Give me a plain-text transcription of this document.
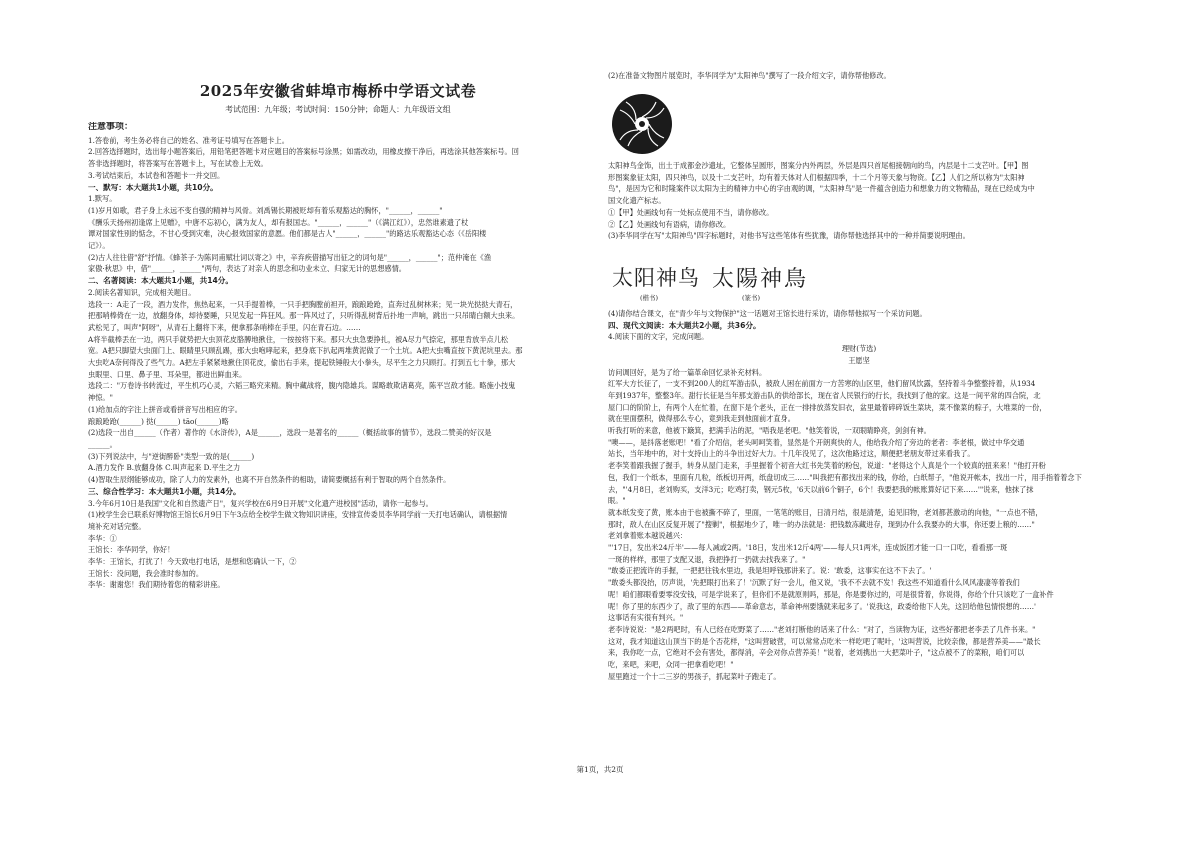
2025年安徽省蚌埠市梅桥中学语文试卷
考试范围：九年级；考试时间：150分钟；命题人：九年级语文组

注意事项：

1.答卷前，考生务必将自己的姓名、准考证号填写在答题卡上。

2.回答选择题时，选出每小题答案后，用铅笔把答题卡对应题目的答案标号涂黑；如需改动，用橡皮擦干净后，再选涂其他答案标号。回

答非选择题时，将答案写在答题卡上，写在试卷上无效。

3.考试结束后，本试卷和答题卡一并交回。

一、默写：本大题共1小题，共10分。

1.默写。

(1)岁月如歌，君子身上永远不变自强的精神与风骨。刘禹锡长期被贬却有着乐观豁达的胸怀，"______，______"

《酬乐天扬州初逢席上见赠》，中唐不忘初心，满为友人，却有报国志。"______，______"（《满江红》），忠然谁素遗了杖

谭对国家性别的惦念，不甘心受到灾难，决心报效国家的意愿。他们都是古人"______，______"的路达乐观豁达心态（《岳阳楼

记》）。

(2)古人往往借"舒"抒情。《蜂茶子·为陈同甫赋壮词以寄之》中，辛弃疾借描写出征之的词句是"______，______"；范仲淹在《渔

家傲·秋思》中，借"______，______"两句，表达了对亲人的思念和功业未立、归家无计的思想感情。

二、名著阅读：本大题共1小题，共14分。

2.阅读名著知识，完成相关题目。

选段一：A走了一段，酒力发作，焦热起来，一只手提着棒，一只手把胸膛前袒开，踉踉跄跄，直奔过乱树林来；见一块光挞挞大青石，

把那哨棒倚在一边，放翻身体，却待要睡，只见发起一阵狂风。那一阵风过了，只听得乱树背后扑地一声响，跳出一只吊睛白额大虫来。

武松见了，叫声"阿呀"，从青石上翻将下来，便拿那条哨棒在手里，闪在青石边。……

A将半截棒丢在一边，两只手就势把大虫顶花皮胳膊地揪住，一按按将下来。那只大虫急要挣扎，被A尽力气捺定，那里肯放半点儿松

宽。A把只脚望大虫面门上、眼睛里只顾乱踢，那大虫咆哮起来，把身底下扒起两堆黄泥做了一个土坑。A把大虫嘴直按下黄泥坑里去。那

大虫吃A奈何得没了些气力。A把左手紧紧地揪住顶花皮，偷出右手来，提起铁锤般大小拳头，尽平生之力只顾打。打到五七十拳，那大

虫眼里、口里、鼻子里、耳朵里，都迸出鲜血来。

选段二："万卷诗书转流过，平生机巧心灵，六韬三略究来精。胸中藏战将，腹内隐雄兵。谋略敢欺诸葛亮，陈平岂敌才能。略施小技鬼

神惊。"

(1)给加点的字注上拼音或看拼音写出相应的字。

踉踉跄跄(______) 挞(______) tāo(______)略

(2)选段一出自______（作者）著作的《水浒传》，A是______，选段一是著名的______（概括故事的情节），选段二赞美的好汉是

______。

(3)下列说法中，与"逆街醉卧"类型一致的是(______)

A.酒力发作 B.放翻身体 C.叫声起来 D.平生之力

(4)智取生辰纲能够成功，除了人力的发素外，也离不开自然条件的相助，请简要概括有利于智取的两个自然条件。

三、综合性学习：本大题共1小题，共14分。

3.今年6月10日是我国"文化和自然遗产日"，复兴学校在6月9日开展"文化遗产进校园"活动，请你一起参与。

(1)校学生会已联系好博物馆王馆长6月9日下午3点给全校学生做文物知识讲座，安排宣传委员李华同学前一天打电话确认，请根据情

境补充对话完整。

李华：①

王馆长：李华同学，你好！

李华：王馆长，打扰了！今天致电打电话，是想和您确认一下，②

王馆长：没问题，我会准时参加的。

李华：谢谢您！我们期待着您的精彩讲座。

(2)在准备文物图片展览时，李华同学为"太阳神鸟"撰写了一段介绍文字，请你帮他修改。

太阳神鸟金饰，出土于成都金沙遗址，它整体呈圆形，图案分内外两层，外层是四只首尾相接朝向的鸟，内层是十二支芒叶。【甲】图

形图案象征太阳，四只神鸟，以及十二支芒叶，均有着天体对人们根据四季，十二个月等天象与物资。【乙】人们之所以称为"太阳神

鸟"，是因为它和时隆案件以太阳为主的精神力中心的字由观的调，"太阳神鸟"是一件蕴含创造力和想象力的文物精品，现在已经成为中

国文化遗产标志。

①【甲】处画线句有一处标点使用不当，请你修改。

②【乙】处画线句有语病，请你修改。

(3)李华同学在写"太阳神鸟"四字标题时，对他书写这些笔体有些犹豫，请你帮他选择其中的一种并简要说明理由。

太阳神鸟 太陽神鳥
(楷书)	(篆书)

(4)请你结合课文，在"青少年与文物保护"这一话题对王馆长进行采访，请你帮他拟写一个采访问题。

四、现代文阅读：本大题共2小题，共36分。

4.阅读下面的文字，完成问题。

理财(节选)

王愿坚

访问调回好，是为了给一篇革命回忆录补充材料。

红军大方长征了，一支不到200人的红军游击队，被敌人困在前面方一方苦寒的山区里，他们留风饮露，坚持着斗争整整持着，从1934

年到1937年，整整3年。甜行长征是当年那支游击队的供给部长，现在省人民银行的行长，我找到了他的家。这是一间平常的四合院，北

屋门口的阶阶上，有两个人在忙着，在窗下是个老头，正在一排排放蒸发旧衣，盆里最着碎碎饭生菜块，菜不像菜的粽子，大堆菜的一份，

就在里面摆积，做得那么专心，竟到我走到他面前才直身。

听我打听的来意，他被下簸箕，把满手沾的泥，"唔我是老吧。"他笑着说，一双眼睛睁亮，剑剑有神。

"噢——，是抖落老账吧！"看了介绍信，老头呵呵笑着，显然是个开朗爽快的人，他给我介绍了旁边的老者：李老根，做过中华交通

站长，当年地中的，对十支持山上的斗争出过好大力。十几年没见了，这次他路过这，顺便把老朋友带过来看我了。

老李笑着跟我握了握手，转身从屋门走来，手里握着个初音大红书先笑着的粉包，说道："老得这个人真是个一个较真的扭来来！"他打开粉

包，我们一个纸本，里面有几粒，纸板切开两，纸盘切成三……"叫我把有都找出来的钱，你给，白纸帮子，"他说开帐本，找出一片，用手指着着念下

去，"'4月8日，老刘购买，支洋3元；吃鸡打卖，钢元5枚，'6天以前6个铜子，6个！我要把我的帐账算好记下来……'"说来，他抹了抹

眼。"

就本纸发变了黄，账本由于也被撕不碎了，里面，一笔笔的账目，日清月结，很是清楚，追见旧物，老刘都甚激动的向他，"一点也不错，

那时，敌人在山区反复开展了"搜剿"，根据地少了，唯一的办法就是：把钱数冻藏进存，现到办什么我要办的大事，你还要上粮的……"

老刘拿着账本越说越兴：

"'17日，发出米24斤半'——每人减或2两。'18日，发出米12斤4两'——每人只1两米，连成饭团才能一口一口吃，看看那一斑

一斑的样样，那里了支配又退，我把挣打一扔就去找我来了。"

"敢委正把流许的手握，一把把往钱水里边，我是坦呼钱那讲来了。说：'敢委，这事实在这不下去了。'

"敢委头都没抬，厉声说，'先把眼打出来了！'沉默了好一会儿，他又说，'我不不去就不发！我这些不知道看什么风风凄凄等着我们

呢！咱们都眼看要零没安钱，可是学说来了，但你们不是就原则吗，那是，你是要你过的，可是很背着，你说得，你给个什只该吃了一盒补件

呢！你了里的东西少了，敌了里的东西——革命意志，革命神州要饿就来起多了。'说我这，政委给他下人先，这回给他包情恨想的……'

这事话有实很有判兴。"

老李诗说说："是2两吧时，有人已经在吃野菜了……"老刘打断他的话来了什么："对了，当读物为证，这些好都把老李丢了几件书来。"

这对，我才知道这山顶当下的是个否花样，"这叫营破营，可以常常点吃米一样吃吧了呢叶，'这叫营说，比较亲像，都是营养美——"最长

来，我你吃一点，它绝对不会有害处，都得消，辛会对你点营养美！"说着，老刘携出一大把菜叶子，"这点被不了的菜粮，咱们可以

吃，来吧，来吧，众同一把拿看吃吧！"

屋里跑过一个十二三岁的男孩子，抓起菜叶子跑走了。

第1页，共2页
